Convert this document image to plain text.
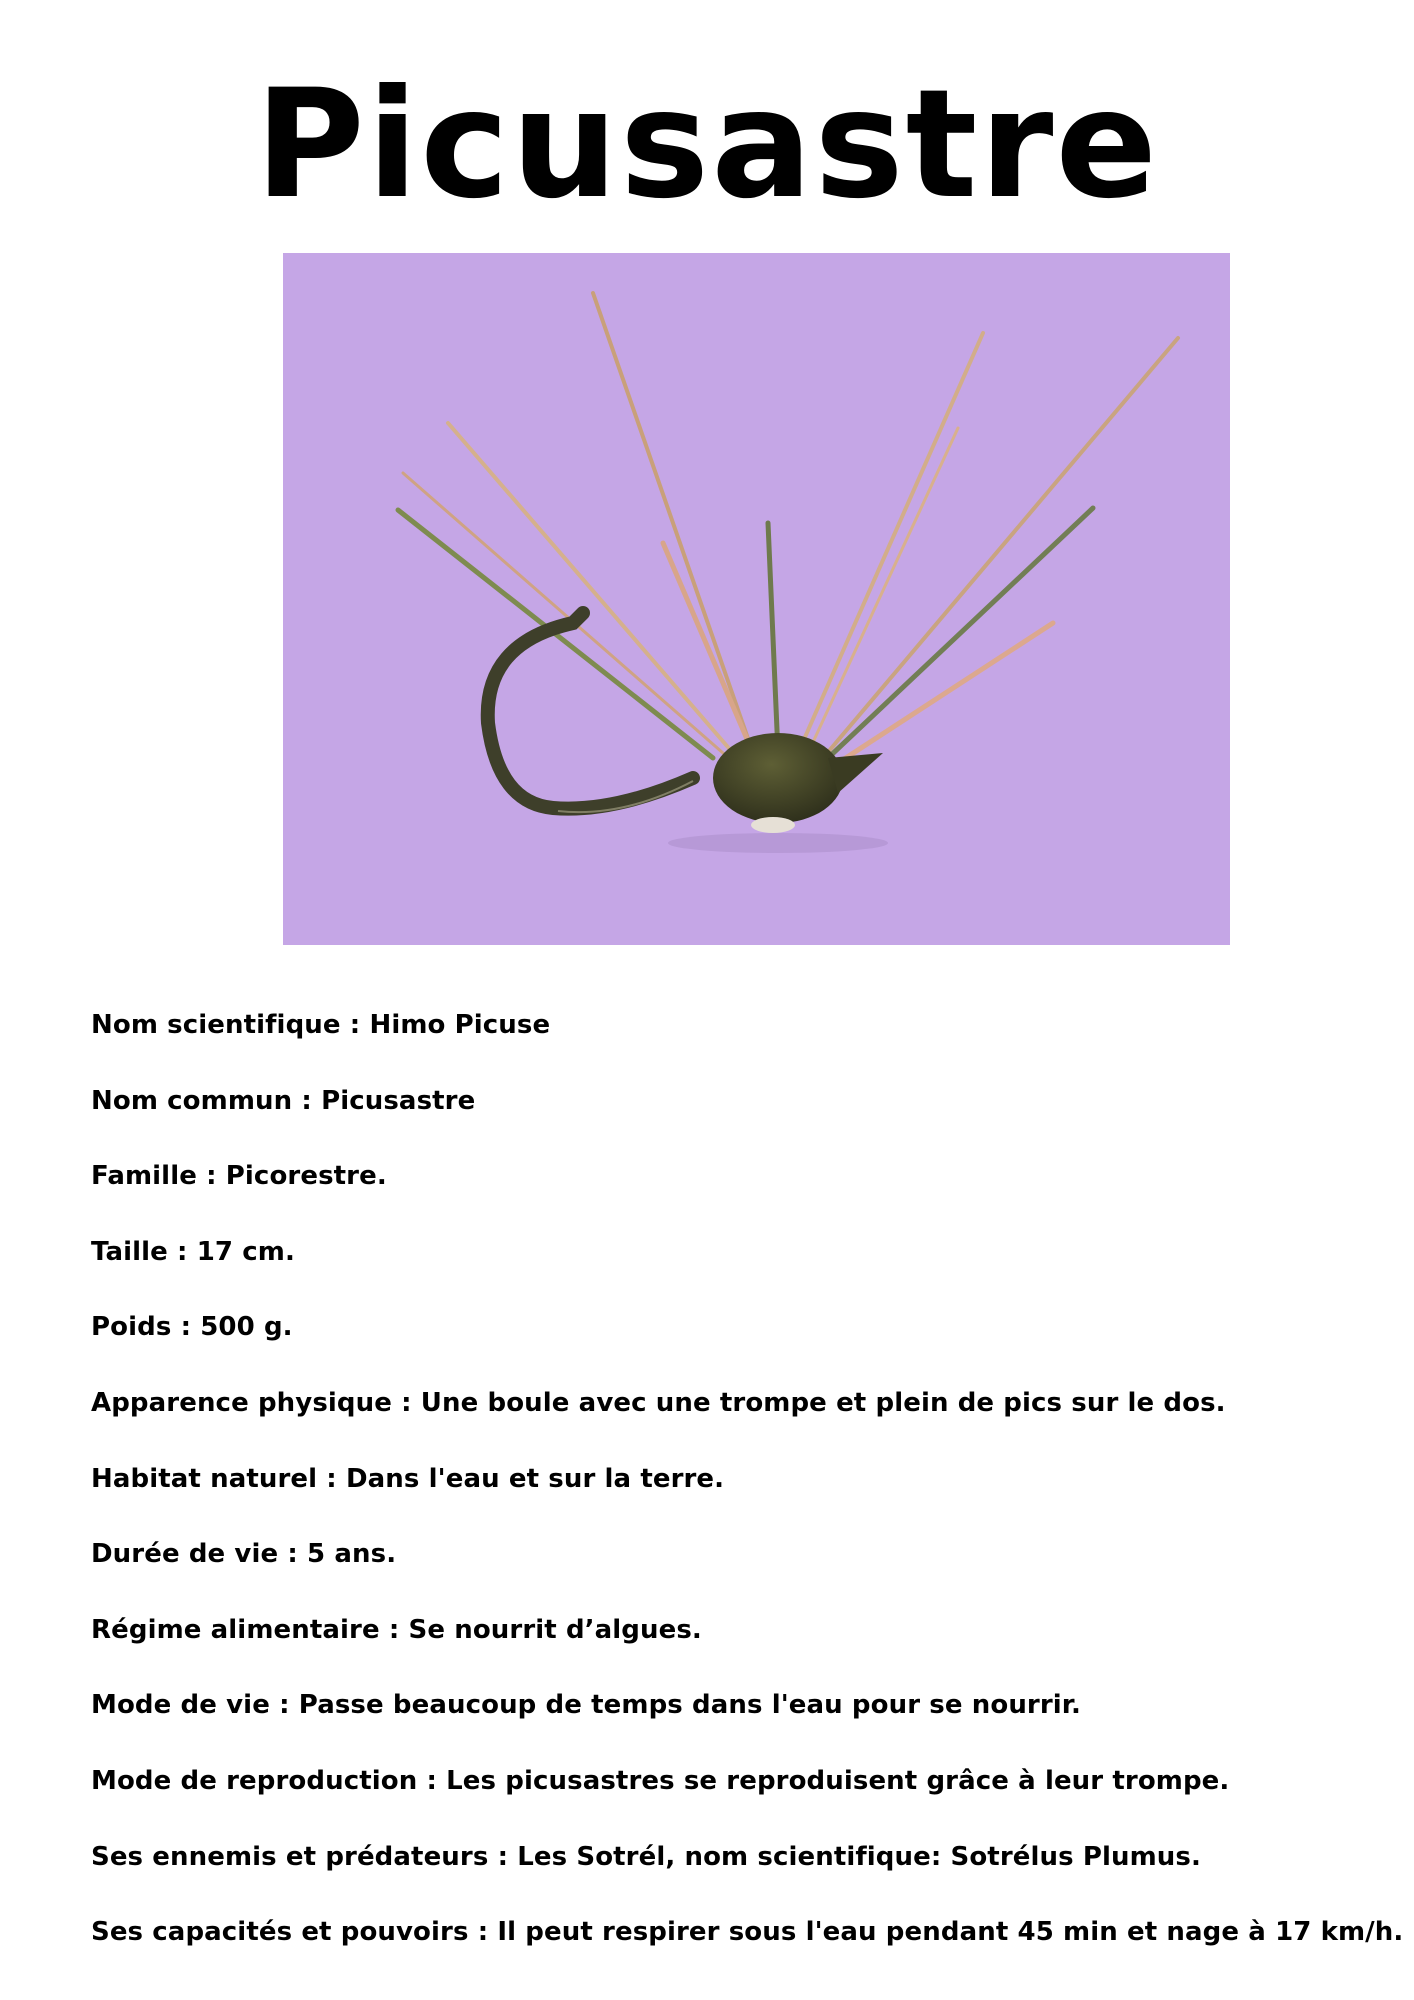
Picusastre

Nom scientifique : Himo Picuse

Nom commun : Picusastre

Famille : Picorestre.

Taille : 17 cm.

Poids : 500 g.

Apparence physique : Une boule avec une trompe et plein de pics sur le dos.

Habitat naturel : Dans l'eau et sur la terre.

Durée de vie : 5 ans.

Régime alimentaire : Se nourrit d’algues.

Mode de vie : Passe beaucoup de temps dans l'eau pour se nourrir.

Mode de reproduction : Les picusastres se reproduisent grâce à leur trompe.

Ses ennemis et prédateurs : Les Sotrél, nom scientifique: Sotrélus Plumus.

Ses capacités et pouvoirs : Il peut respirer sous l'eau pendant 45 min et nage à 17 km/h.
